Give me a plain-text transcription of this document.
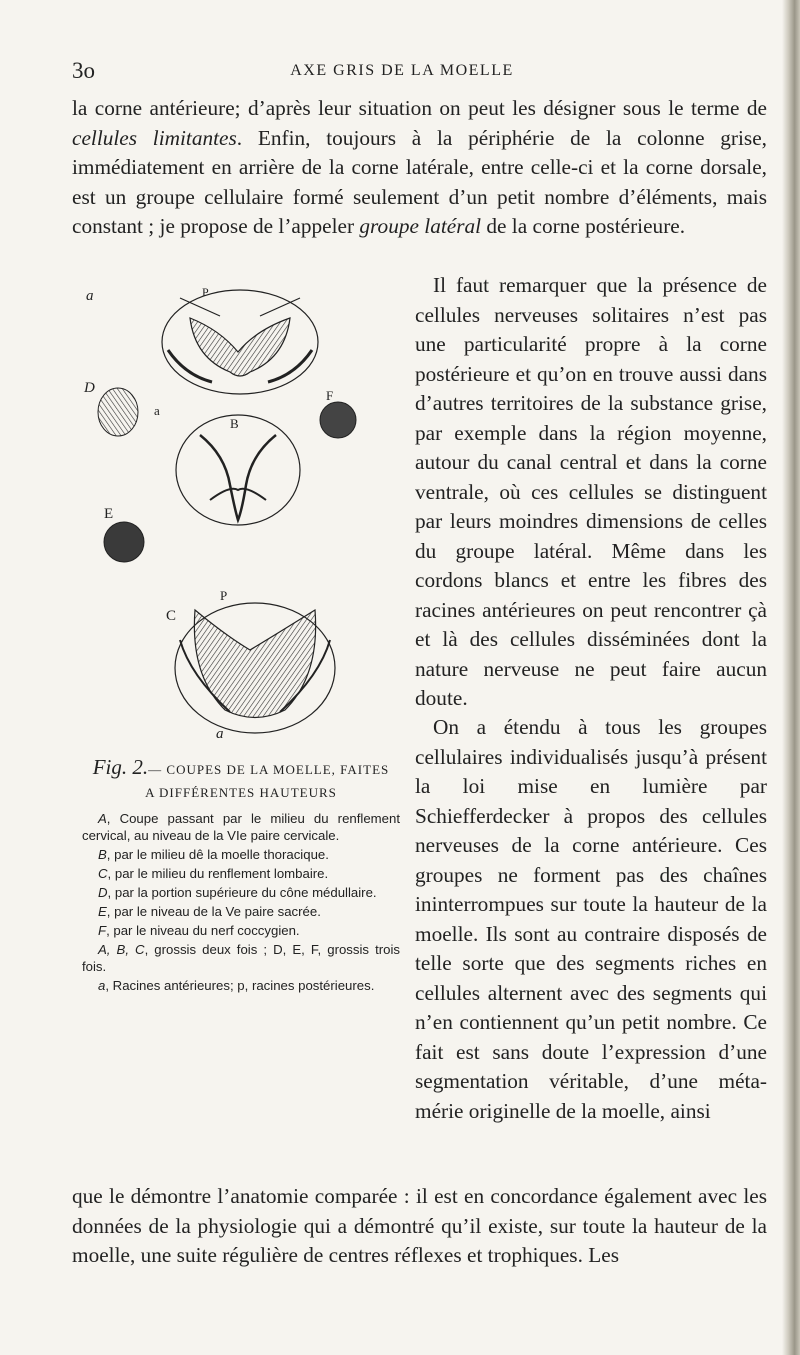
3o	AXE GRIS DE LA MOELLE

la corne antérieure; d’après leur situation on peut les désigner sous le terme de cellules limitantes. Enfin, toujours à la périphérie de la colonne grise, immédiatement en arrière de la corne latérale, entre celle-ci et la corne dorsale, est un groupe cellulaire formé seulement d’un petit nombre d’éléments, mais constant ; je propose de l’appeler groupe latéral de la corne postérieure.

Il faut remarquer que la présence de cellules nerveuses solitaires n’est pas une particularité propre à la corne postérieure et qu’on en trouve aussi dans d’autres territoires de la substance grise, par exemple dans la région moyenne, autour du canal central et dans la corne ventrale, où ces cellules se distinguent par leurs moindres dimensions de celles du groupe latéral. Même dans les cordons blancs et entre les fibres des racines antérieures on peut rencontrer çà et là des cellules disséminées dont la nature nerveuse ne peut faire aucun doute.

On a étendu à tous les groupes cellulaires individualisés jusqu’à présent la loi mise en lumière par Schiefferdecker à propos des cellules nerveuses de la corne antérieure. Ces groupes ne forment pas des chaînes ininterrompues sur toute la hauteur de la moelle. Ils sont au contraire disposés de telle sorte que des segments riches en cellules alternent avec des segments qui n’en contiennent qu’un petit nombre. Ce fait est sans doute l’expression d’une segmentation véritable, d’une méta- mérie originelle de la moelle, ainsi

que le démontre l’anatomie comparée : il est en concordance également avec les données de la physiologie qui a démontré qu’il existe, sur toute la hauteur de la moelle, une suite régulière de centres réflexes et trophiques. Les

a	P
D
a
F
B
E
P
C
a
Fig. 2.— COUPES DE LA MOELLE, FAITES
A DIFFÉRENTES HAUTEURS

A, Coupe passant par le milieu du renflement cervical, au niveau de la VIe paire cervicale.

B, par le milieu dê la moelle thoracique.

C, par le milieu du renflement lombaire.

D, par la portion supérieure du cône médullaire.

E, par le niveau de la Ve paire sacrée.

F, par le niveau du nerf coccygien.

A, B, C, grossis deux fois ; D, E, F, grossis trois fois.

a, Racines antérieures; p, racines postérieures.
